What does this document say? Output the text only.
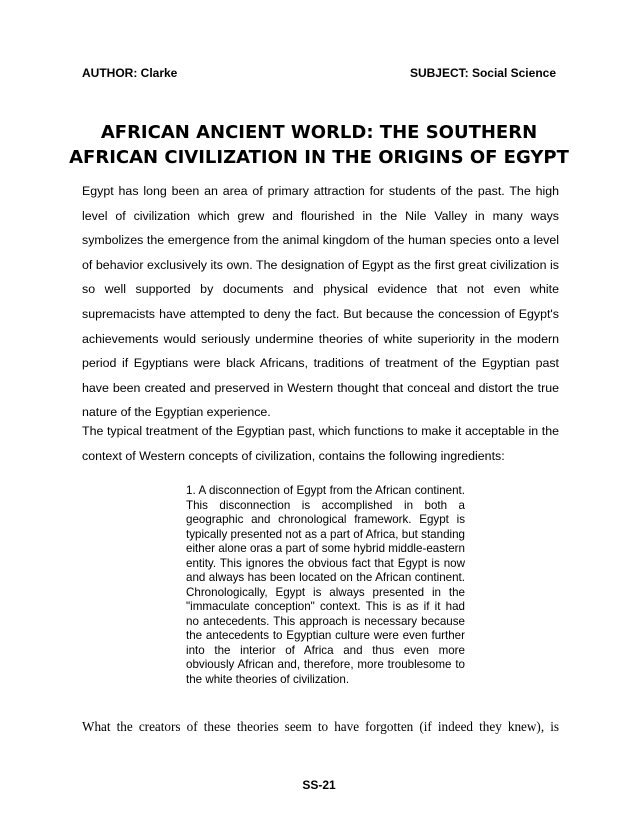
AUTHOR: Clarke	SUBJECT: Social Science
AFRICAN ANCIENT WORLD: THE SOUTHERN AFRICAN CIVILIZATION IN THE ORIGINS OF EGYPT

Egypt has long been an area of primary attraction for students of the past. The high level of civilization which grew and flourished in the Nile Valley in many ways symbolizes the emergence from the animal kingdom of the human species onto a level of behavior exclusively its own. The designation of Egypt as the first great civilization is so well supported by documents and physical evidence that not even white supremacists have attempted to deny the fact. But because the concession of Egypt's achievements would seriously undermine theories of white superiority in the modern period if Egyptians were black Africans, traditions of treatment of the Egyptian past have been created and preserved in Western thought that conceal and distort the true nature of the Egyptian experience.

The typical treatment of the Egyptian past, which functions to make it acceptable in the context of Western concepts of civilization, contains the following ingredients:

1. A disconnection of Egypt from the African continent. This disconnection is accomplished in both a geographic and chronological framework. Egypt is typically presented not as a part of Africa, but standing either alone oras a part of some hybrid middle-eastern entity. This ignores the obvious fact that Egypt is now and always has been located on the African continent. Chronologically, Egypt is always presented in the "immaculate conception" context. This is as if it had no antecedents. This approach is necessary because the antecedents to Egyptian culture were even further into the interior of Africa and thus even more obviously African and, therefore, more troublesome to the white theories of civilization.

What the creators of these theories seem to have forgotten (if indeed they knew), is

SS-21
